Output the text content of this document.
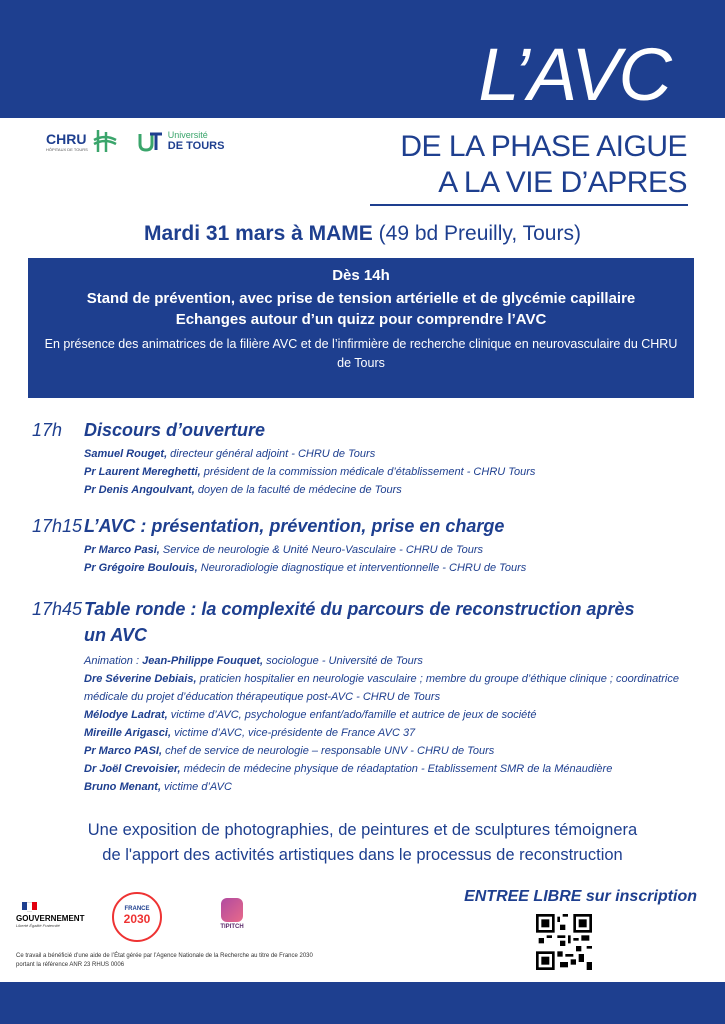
L’AVC
DE LA PHASE AIGUE
A LA VIE D’APRES
CHRU
HÔPITAUX DE TOURS
Université
DE TOURS
Mardi 31 mars à MAME (49 bd Preuilly, Tours)
Dès 14h
Stand de prévention, avec prise de tension artérielle et de glycémie capillaire
Echanges autour d’un quizz pour comprendre l’AVC
En présence des animatrices de la filière AVC et de l’infirmière de recherche clinique en neurovasculaire du CHRU de Tours
17h	Discours d’ouverture
Samuel Rouget, directeur général adjoint - CHRU de Tours
Pr Laurent Mereghetti, président de la commission médicale d’établissement - CHRU Tours
Pr Denis Angoulvant, doyen de la faculté de médecine de Tours
17h15 L’AVC : présentation, prévention, prise en charge
Pr Marco Pasi, Service de neurologie & Unité Neuro-Vasculaire - CHRU de Tours
Pr Grégoire Boulouis, Neuroradiologie diagnostique et interventionnelle - CHRU de Tours
17h45 Table ronde : la complexité du parcours de reconstruction après un AVC
Animation : Jean-Philippe Fouquet, sociologue - Université de Tours
Dre Séverine Debiais, praticien hospitalier en neurologie vasculaire ; membre du groupe d’éthique clinique ; coordinatrice médicale du projet d’éducation thérapeutique post-AVC - CHRU de Tours
Mélodye Ladrat, victime d’AVC, psychologue enfant/ado/famille et autrice de jeux de société
Mireille Arigasci, victime d’AVC, vice-présidente de France AVC 37
Pr Marco PASI, chef de service de neurologie – responsable UNV - CHRU de Tours
Dr Joël Crevoisier, médecin de médecine physique de réadaptation - Etablissement SMR de la Ménaudière
Bruno Menant, victime d’AVC
Une exposition de photographies, de peintures et de sculptures témoignera
de l'apport des activités artistiques dans le processus de reconstruction
ENTREE LIBRE sur inscription
GOUVERNEMENT
Liberté Égalité Fraternité
FRANCE
2030
TIPITCH
Ce travail a bénéficié d’une aide de l’État gérée par l’Agence Nationale de la Recherche au titre de France 2030 portant la référence ANR 23 RHUS 0006
